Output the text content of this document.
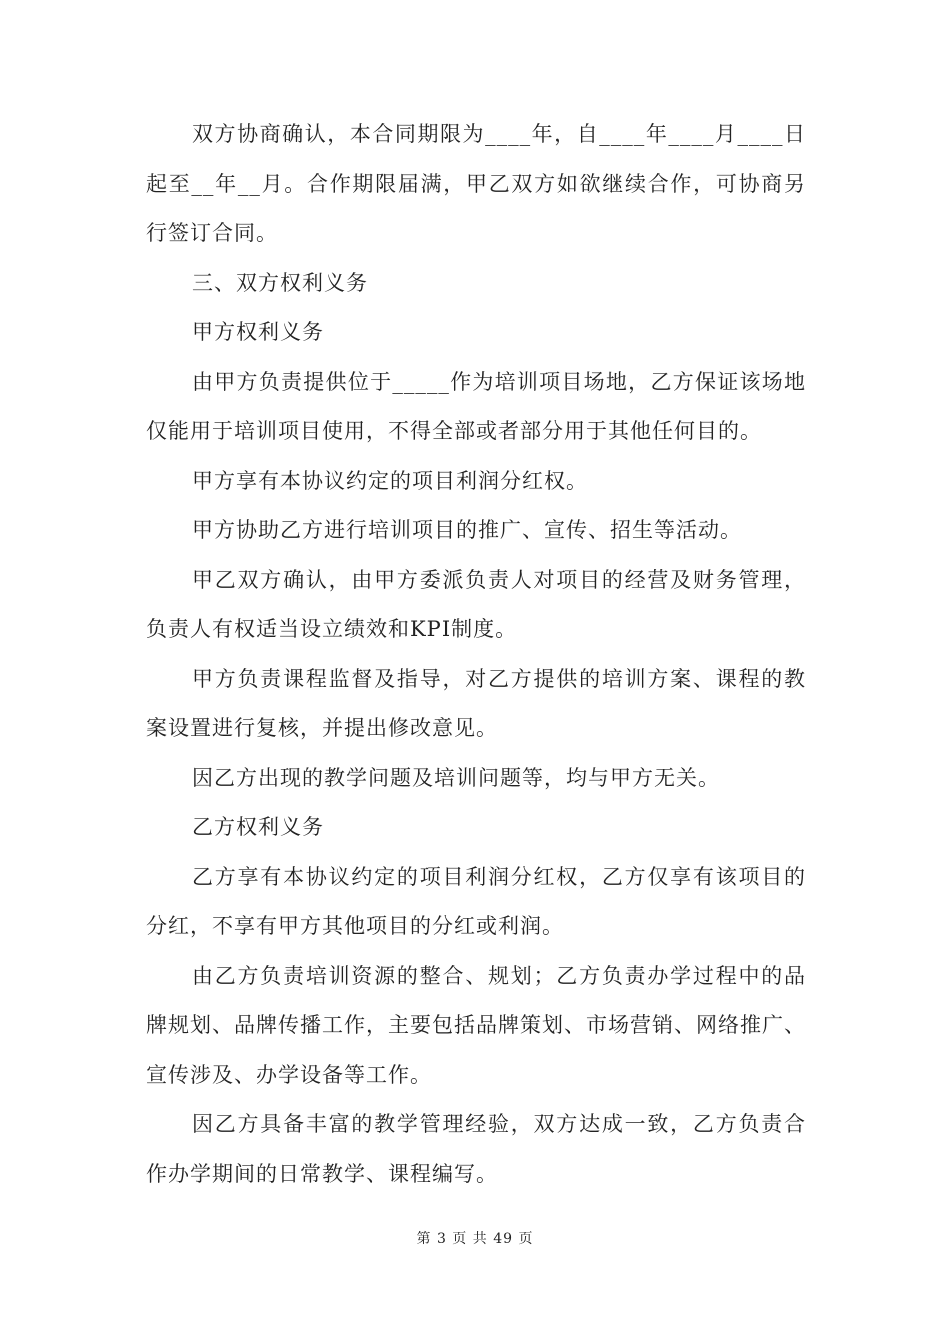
双方协商确认，本合同期限为____年，自____年____月____日起至__年__月。合作期限届满，甲乙双方如欲继续合作，可协商另行签订合同。

三、双方权利义务

甲方权利义务

由甲方负责提供位于_____作为培训项目场地，乙方保证该场地仅能用于培训项目使用，不得全部或者部分用于其他任何目的。

甲方享有本协议约定的项目利润分红权。

甲方协助乙方进行培训项目的推广、宣传、招生等活动。

甲乙双方确认，由甲方委派负责人对项目的经营及财务管理，负责人有权适当设立绩效和KPI制度。

甲方负责课程监督及指导，对乙方提供的培训方案、课程的教案设置进行复核，并提出修改意见。

因乙方出现的教学问题及培训问题等，均与甲方无关。

乙方权利义务

乙方享有本协议约定的项目利润分红权，乙方仅享有该项目的分红，不享有甲方其他项目的分红或利润。

由乙方负责培训资源的整合、规划；乙方负责办学过程中的品牌规划、品牌传播工作，主要包括品牌策划、市场营销、网络推广、宣传涉及、办学设备等工作。

因乙方具备丰富的教学管理经验，双方达成一致，乙方负责合作办学期间的日常教学、课程编写。

第 3 页 共 49 页
